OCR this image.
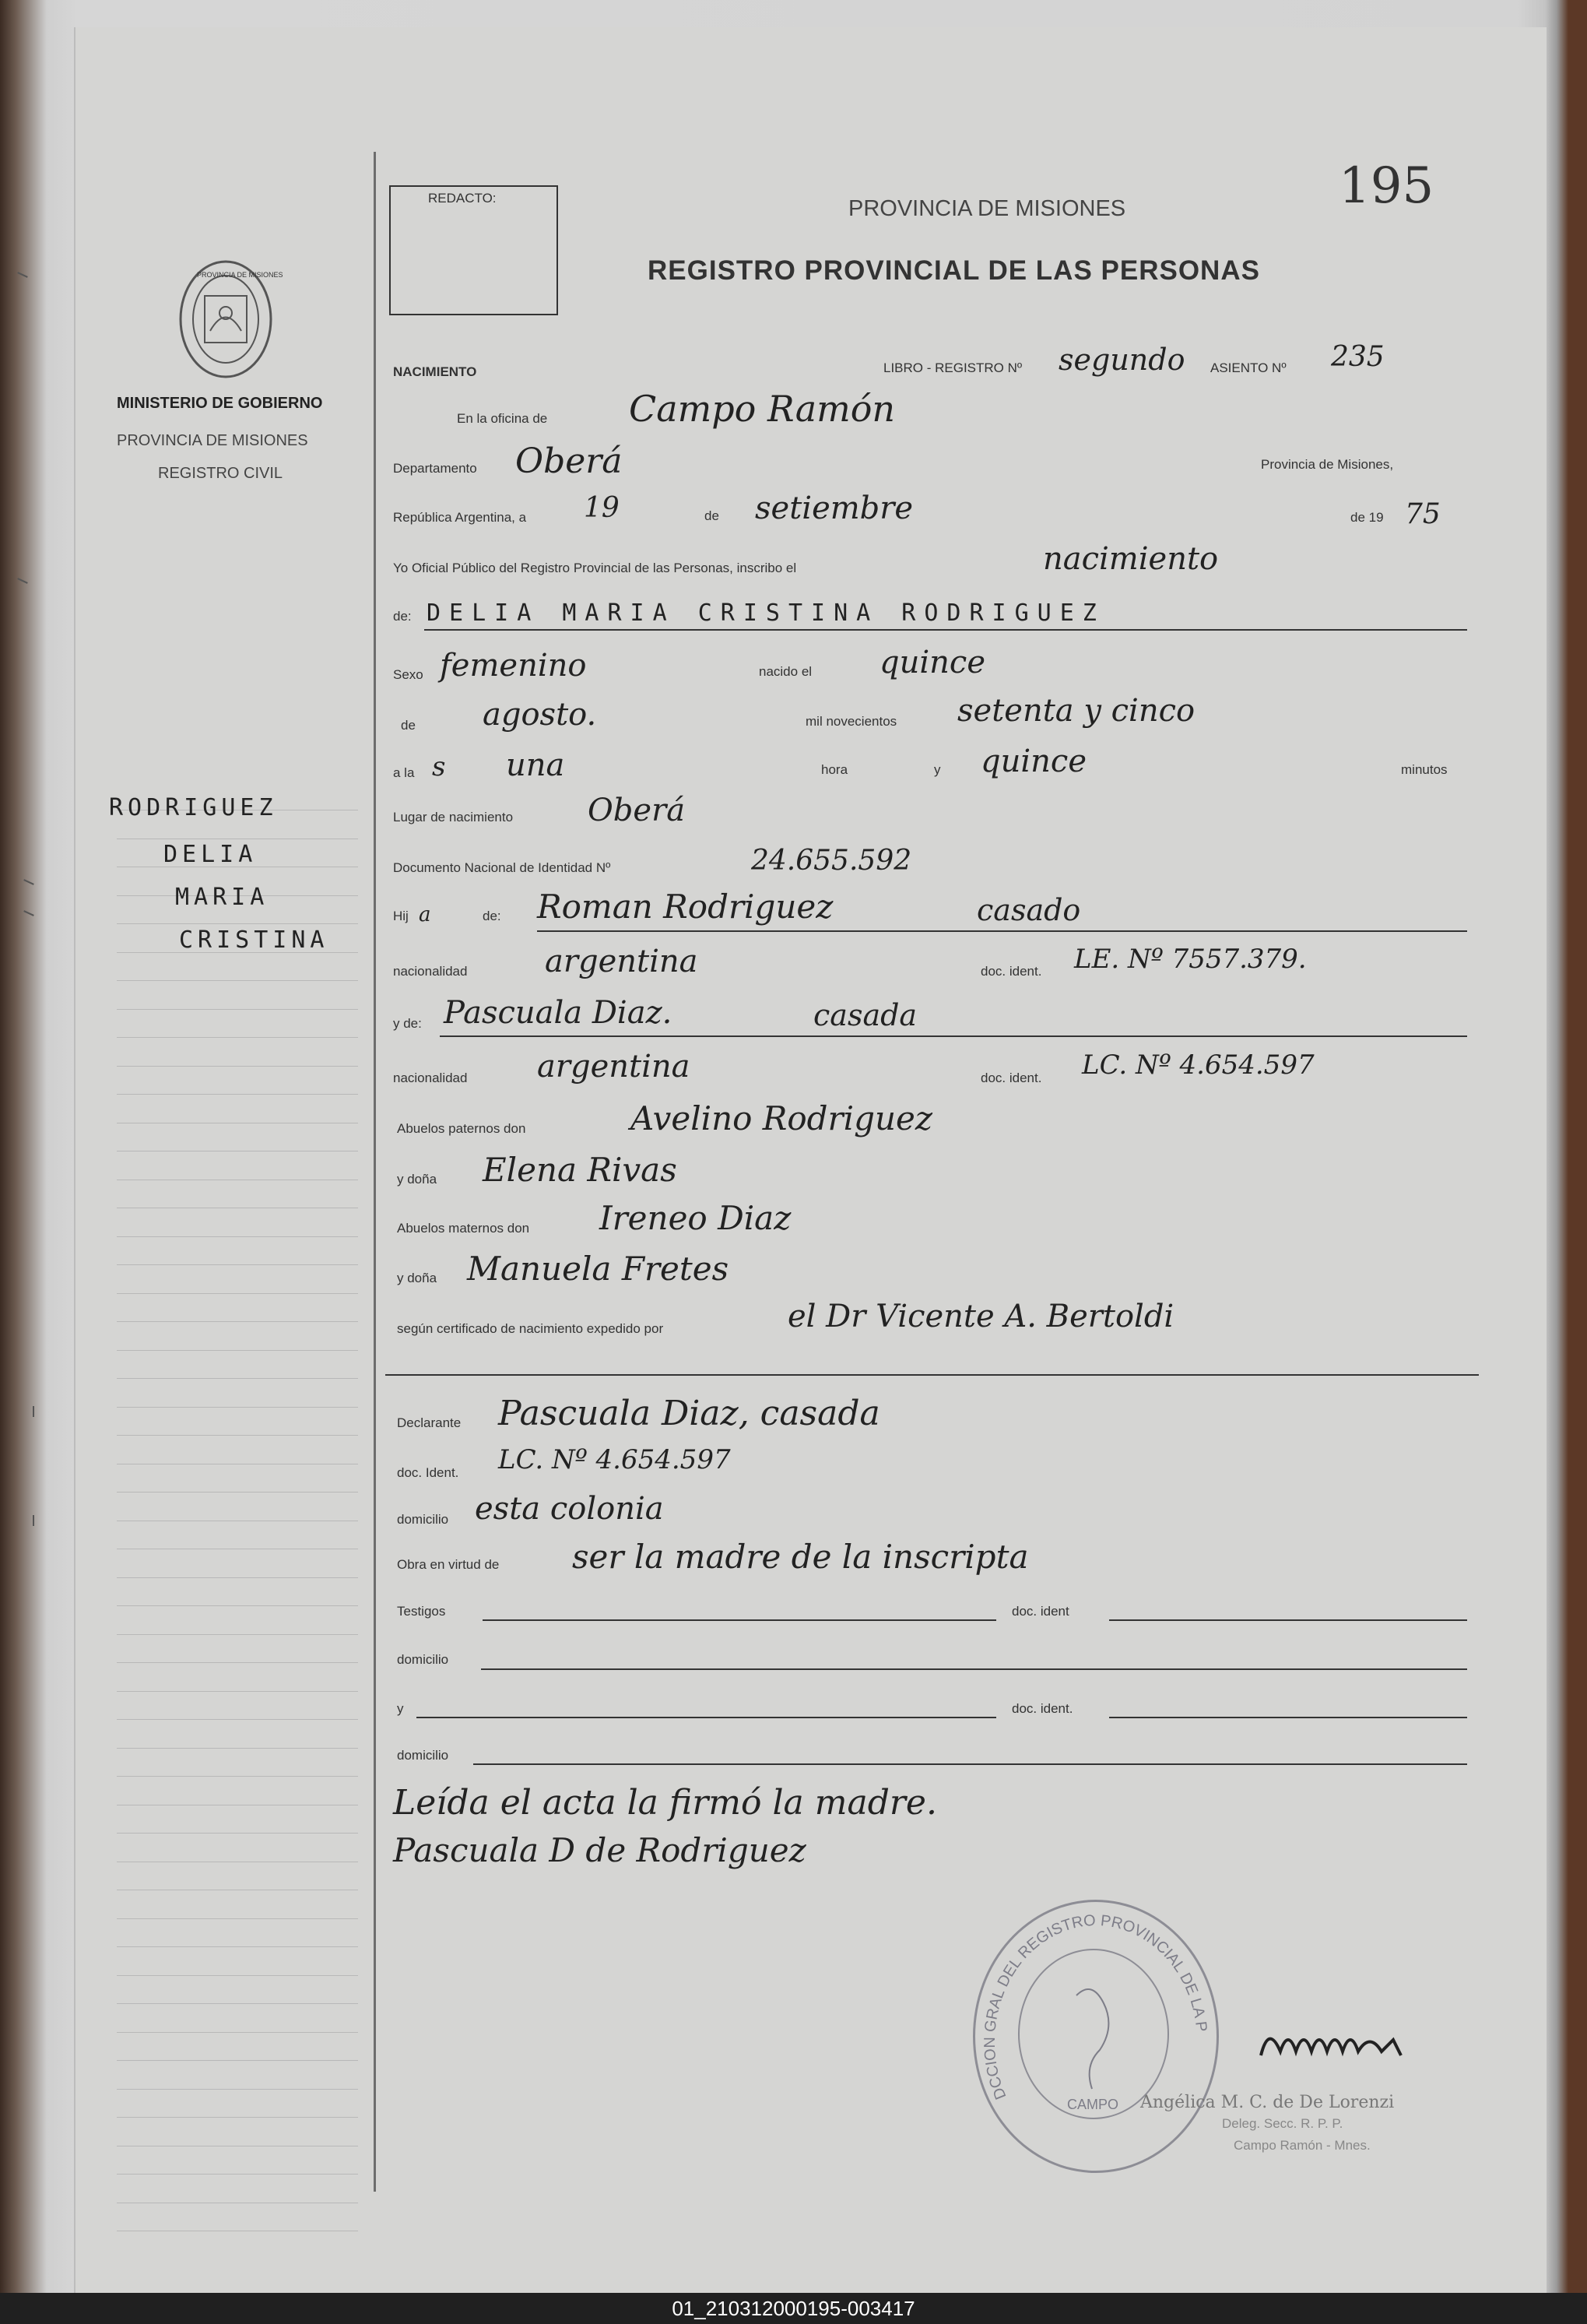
PROVINCIA DE MISIONES
MINISTERIO DE GOBIERNO
PROVINCIA DE MISIONES
REGISTRO CIVIL
RODRIGUEZ
DELIA
MARIA
CRISTINA
REDACTO:	PROVINCIA DE MISIONES	195
REGISTRO PROVINCIAL DE LAS PERSONAS
NACIMIENTO	LIBRO - REGISTRO Nº segundo ASIENTO Nº 235
En la oficina de Campo Ramón
Departamento Oberá	Provincia de Misiones,
República Argentina, a 19	de setiembre	de 19 75
Yo Oficial Público del Registro Provincial de las Personas, inscribo el	nacimiento
de: DELIA MARIA CRISTINA RODRIGUEZ
Sexo femenino	nacido el quince
de agosto.	mil novecientos setenta y cinco
a la s una	hora	y quince	minutos
Lugar de nacimiento Oberá
Documento Nacional de Identidad Nº	24.655.592
Hij a	de: Roman Rodriguez	casado
nacionalidad argentina	doc. ident. LE. Nº 7557.379.
y de: Pascuala Diaz.	casada
nacionalidad argentina	doc. ident. LC. Nº 4.654.597
Abuelos paternos don	Avelino Rodriguez
y doña Elena Rivas
Abuelos maternos don Ireneo Diaz
y doña Manuela Fretes
según certificado de nacimiento expedido por	el Dr Vicente A. Bertoldi
Declarante Pascuala Diaz, casada
doc. Ident. LC. Nº 4.654.597
domicilio esta colonia
Obra en virtud de ser la madre de la inscripta
Testigos	doc. ident
domicilio
y	doc. ident.
domicilio
Leída el acta la firmó la madre.
Pascuala D de Rodriguez
DCCION GRAL DEL REGISTRO PROVINCIAL DE LA P
CAMPO Angélica M. C. de De Lorenzi
Deleg. Secc. R. P. P.
Campo Ramón - Mnes.
01_210312000195-003417
